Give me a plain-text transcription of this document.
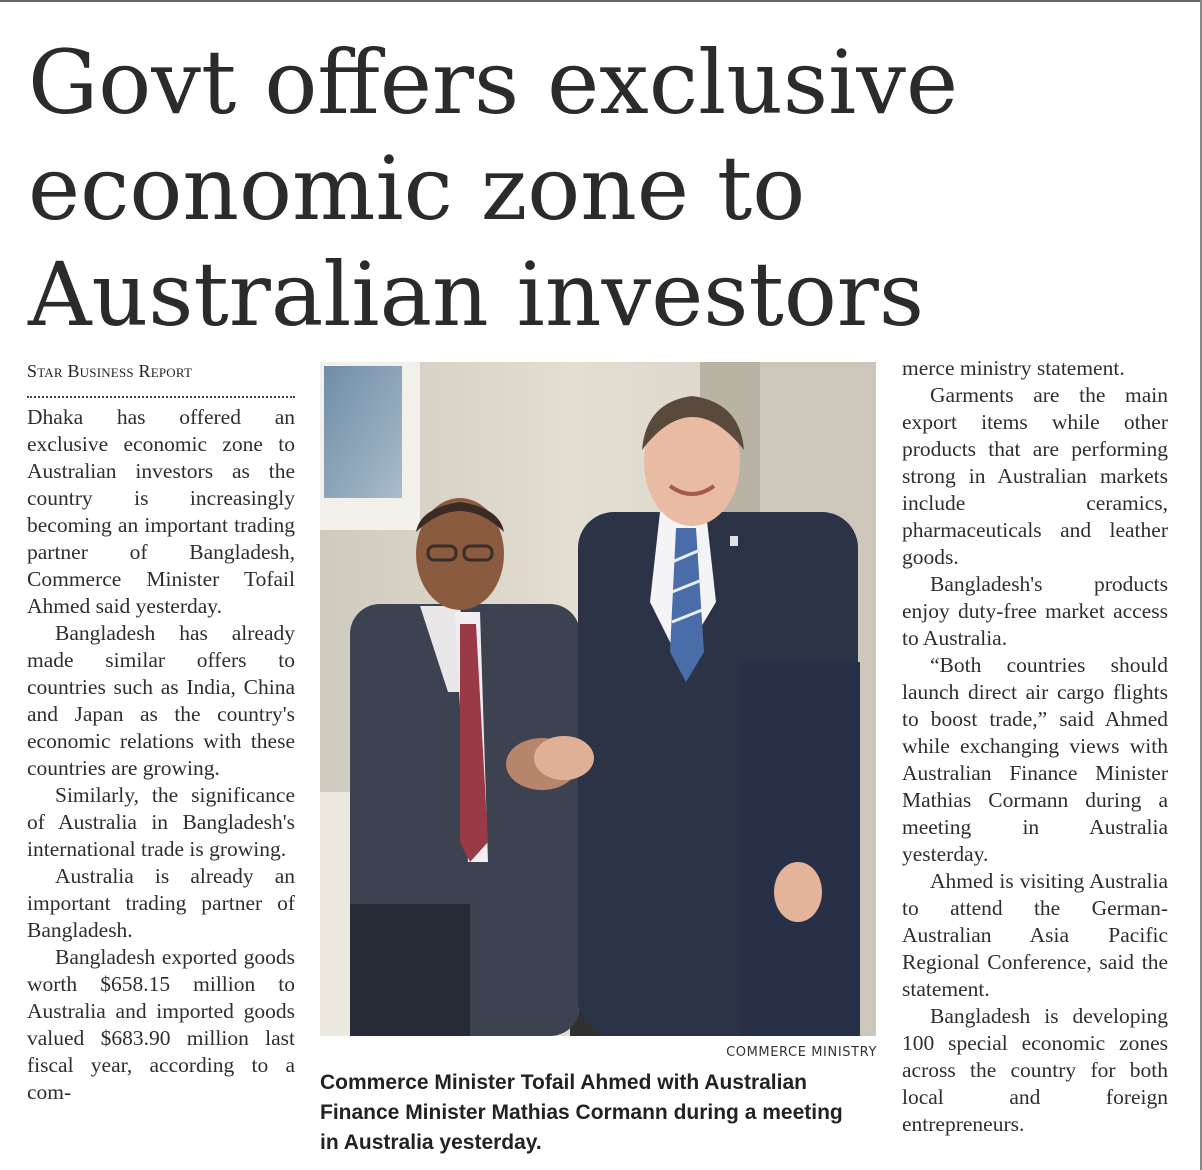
Govt offers exclusive
economic zone to
Australian investors

Star Business Report

Dhaka has offered an exclusive economic zone to Australian investors as the country is increasingly becoming an important trading partner of Bangladesh, Commerce Minister Tofail Ahmed said yesterday.

Bangladesh has already made similar offers to countries such as India, China and Japan as the country's economic relations with these countries are growing.

Similarly, the significance of Australia in Bangladesh's international trade is growing.

Australia is already an important trading partner of Bangladesh.

Bangladesh exported goods worth $658.15 million to Australia and imported goods valued $683.90 million last fiscal year, according to a com-

COMMERCE MINISTRY
Commerce Minister Tofail Ahmed with Australian
Finance Minister Mathias Cormann during a meeting
in Australia yesterday.

merce ministry statement.

Garments are the main export items while other products that are performing strong in Australian markets include ceramics, pharmaceuticals and leather goods.

Bangladesh's products enjoy duty-free market access to Australia.

“Both countries should launch direct air cargo flights to boost trade,” said Ahmed while exchanging views with Australian Finance Minister Mathias Cormann during a meeting in Australia yesterday.

Ahmed is visiting Australia to attend the German-Australian Asia Pacific Regional Conference, said the statement.

Bangladesh is developing 100 special economic zones across the country for both local and foreign entrepreneurs.
